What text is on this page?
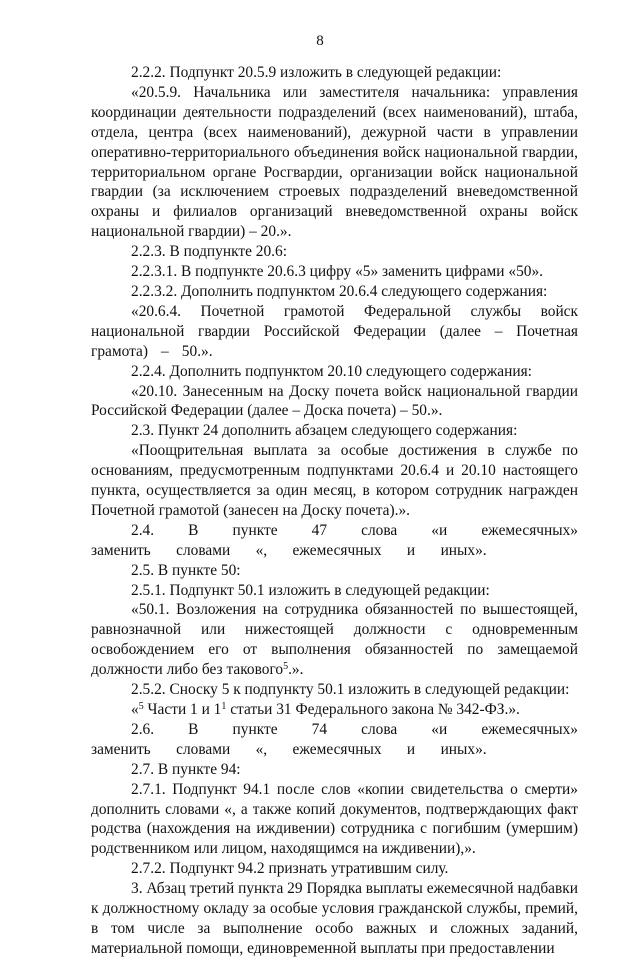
8

2.2.2. Подпункт 20.5.9 изложить в следующей редакции:

«20.5.9. Начальника или заместителя начальника: управления координации деятельности подразделений (всех наименований), штаба, отдела, центра (всех наименований), дежурной части в управлении оперативно-территориального объединения войск национальной гвардии, территориальном органе Росгвардии, организации войск национальной гвардии (за исключением строевых подразделений вневедомственной охраны и филиалов организаций вневедомственной охраны войск национальной гвардии) – 20.».

2.2.3. В подпункте 20.6:

2.2.3.1. В подпункте 20.6.3 цифру «5» заменить цифрами «50».

2.2.3.2. Дополнить подпунктом 20.6.4 следующего содержания:

«20.6.4. Почетной грамотой Федеральной службы войск национальной гвардии Российской Федерации (далее – Почетная грамота) – 50.».

2.2.4. Дополнить подпунктом 20.10 следующего содержания:

«20.10. Занесенным на Доску почета войск национальной гвардии Российской Федерации (далее – Доска почета) – 50.».

2.3. Пункт 24 дополнить абзацем следующего содержания:

«Поощрительная выплата за особые достижения в службе по основаниям, предусмотренным подпунктами 20.6.4 и 20.10 настоящего пункта, осуществляется за один месяц, в котором сотрудник награжден Почетной грамотой (занесен на Доску почета).».

2.4. В пункте 47 слова «и ежемесячных» заменить словами «, ежемесячных и иных».

2.5. В пункте 50:

2.5.1. Подпункт 50.1 изложить в следующей редакции:

«50.1. Возложения на сотрудника обязанностей по вышестоящей, равнозначной или нижестоящей должности с одновременным освобождением его от выполнения обязанностей по замещаемой должности либо без такового$^5$.».

2.5.2. Сноску 5 к подпункту 50.1 изложить в следующей редакции:

«$^5$ Части 1 и $1^1$ статьи 31 Федерального закона № 342-ФЗ.».

2.6. В пункте 74 слова «и ежемесячных» заменить словами «, ежемесячных и иных».

2.7. В пункте 94:

2.7.1. Подпункт 94.1 после слов «копии свидетельства о смерти» дополнить словами «, а также копий документов, подтверждающих факт родства (нахождения на иждивении) сотрудника с погибшим (умершим) родственником или лицом, находящимся на иждивении),».

2.7.2. Подпункт 94.2 признать утратившим силу.

3. Абзац третий пункта 29 Порядка выплаты ежемесячной надбавки к должностному окладу за особые условия гражданской службы, премий, в том числе за выполнение особо важных и сложных заданий, материальной помощи, единовременной выплаты при предоставлении
